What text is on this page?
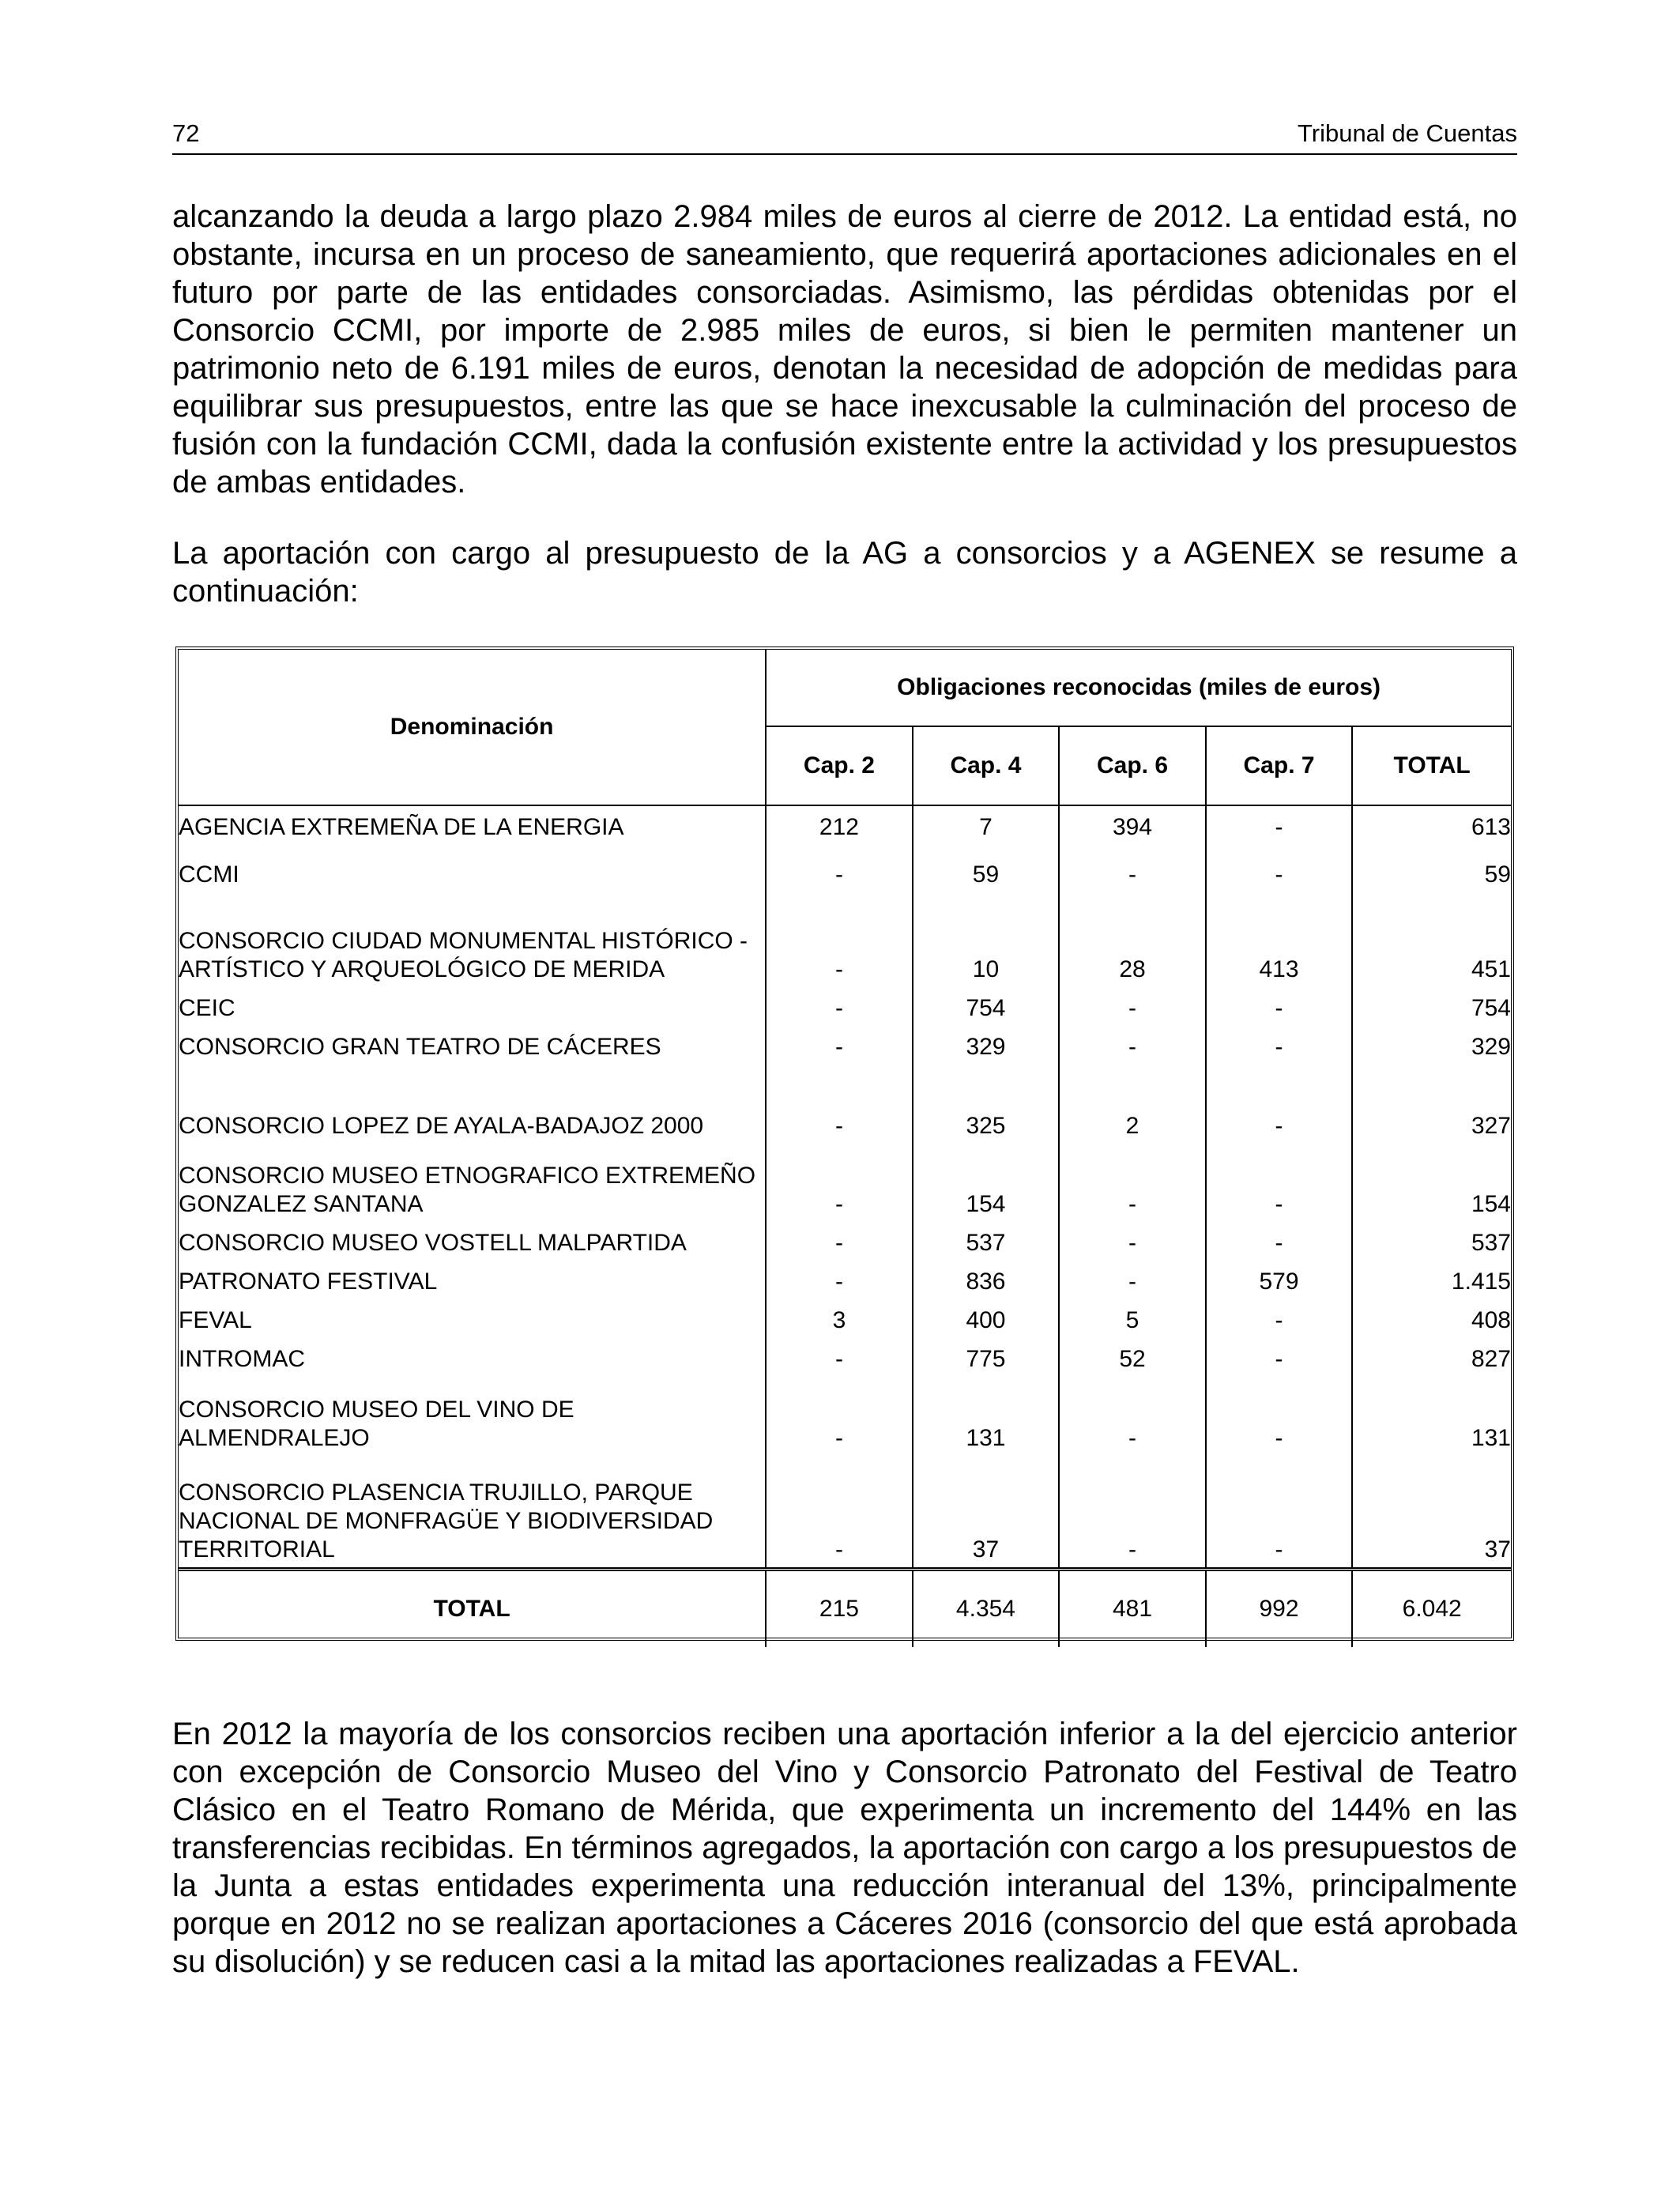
72	Tribunal de Cuentas

alcanzando la deuda a largo plazo 2.984 miles de euros al cierre de 2012. La entidad está, no obstante, incursa en un proceso de saneamiento, que requerirá aportaciones adicionales en el futuro por parte de las entidades consorciadas. Asimismo, las pérdidas obtenidas por el Consorcio CCMI, por importe de 2.985 miles de euros, si bien le permiten mantener un patrimonio neto de 6.191 miles de euros, denotan la necesidad de adopción de medidas para equilibrar sus presupuestos, entre las que se hace inexcusable la culminación del proceso de fusión con la fundación CCMI, dada la confusión existente entre la actividad y los presupuestos de ambas entidades.

La aportación con cargo al presupuesto de la AG a consorcios y a AGENEX se resume a continuación:

Denominación	Obligaciones reconocidas (miles de euros)				
	Cap. 2	Cap. 4	Cap. 6	Cap. 7	TOTAL
AGENCIA EXTREMEÑA DE LA ENERGIA	212	7	394	-	613
CCMI	-	59	-	-	59
CONSORCIO CIUDAD MONUMENTAL HISTÓRICO - ARTÍSTICO Y ARQUEOLÓGICO DE MERIDA	-	10	28	413	451
CEIC	-	754	-	-	754
CONSORCIO GRAN TEATRO DE CÁCERES	-	329	-	-	329
CONSORCIO LOPEZ DE AYALA-BADAJOZ 2000	-	325	2	-	327
CONSORCIO MUSEO ETNOGRAFICO EXTREMEÑO GONZALEZ SANTANA	-	154	-	-	154
CONSORCIO MUSEO VOSTELL MALPARTIDA	-	537	-	-	537
PATRONATO FESTIVAL	-	836	-	579	1.415
FEVAL	3	400	5	-	408
INTROMAC	-	775	52	-	827
CONSORCIO MUSEO DEL VINO DE ALMENDRALEJO	-	131	-	-	131
CONSORCIO PLASENCIA TRUJILLO, PARQUE NACIONAL DE MONFRAGÜE Y BIODIVERSIDAD TERRITORIAL	-	37	-	-	37
TOTAL	215	4.354	481	992	6.042

En 2012 la mayoría de los consorcios reciben una aportación inferior a la del ejercicio anterior con excepción de Consorcio Museo del Vino y Consorcio Patronato del Festival de Teatro Clásico en el Teatro Romano de Mérida, que experimenta un incremento del 144% en las transferencias recibidas. En términos agregados, la aportación con cargo a los presupuestos de la Junta a estas entidades experimenta una reducción interanual del 13%, principalmente porque en 2012 no se realizan aportaciones a Cáceres 2016 (consorcio del que está aprobada su disolución) y se reducen casi a la mitad las aportaciones realizadas a FEVAL.
